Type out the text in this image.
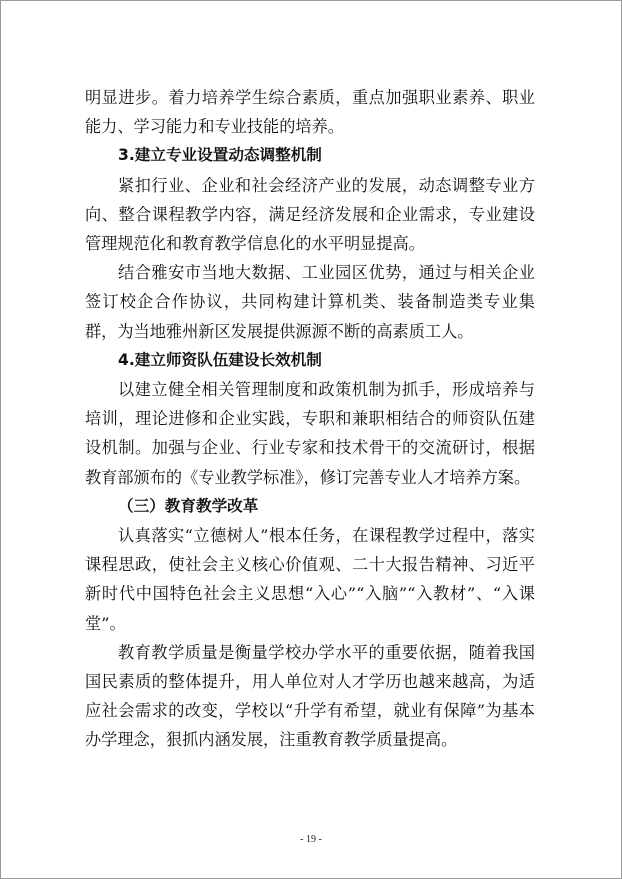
明显进步。着力培养学生综合素质，重点加强职业素养、职业能力、学习能力和专业技能的培养。

3.建立专业设置动态调整机制

紧扣行业、企业和社会经济产业的发展，动态调整专业方向、整合课程教学内容，满足经济发展和企业需求，专业建设管理规范化和教育教学信息化的水平明显提高。

结合雅安市当地大数据、工业园区优势，通过与相关企业签订校企合作协议，共同构建计算机类、装备制造类专业集群，为当地雅州新区发展提供源源不断的高素质工人。

4.建立师资队伍建设长效机制

以建立健全相关管理制度和政策机制为抓手，形成培养与培训，理论进修和企业实践，专职和兼职相结合的师资队伍建设机制。加强与企业、行业专家和技术骨干的交流研讨，根据教育部颁布的《专业教学标准》，修订完善专业人才培养方案。

（三）教育教学改革

认真落实“立德树人”根本任务，在课程教学过程中，落实课程思政，使社会主义核心价值观、二十大报告精神、习近平新时代中国特色社会主义思想“入心”“入脑”“入教材”、“入课堂”。

教育教学质量是衡量学校办学水平的重要依据，随着我国国民素质的整体提升，用人单位对人才学历也越来越高，为适应社会需求的改变，学校以“升学有希望，就业有保障”为基本办学理念，狠抓内涵发展，注重教育教学质量提高。

- 19 -
